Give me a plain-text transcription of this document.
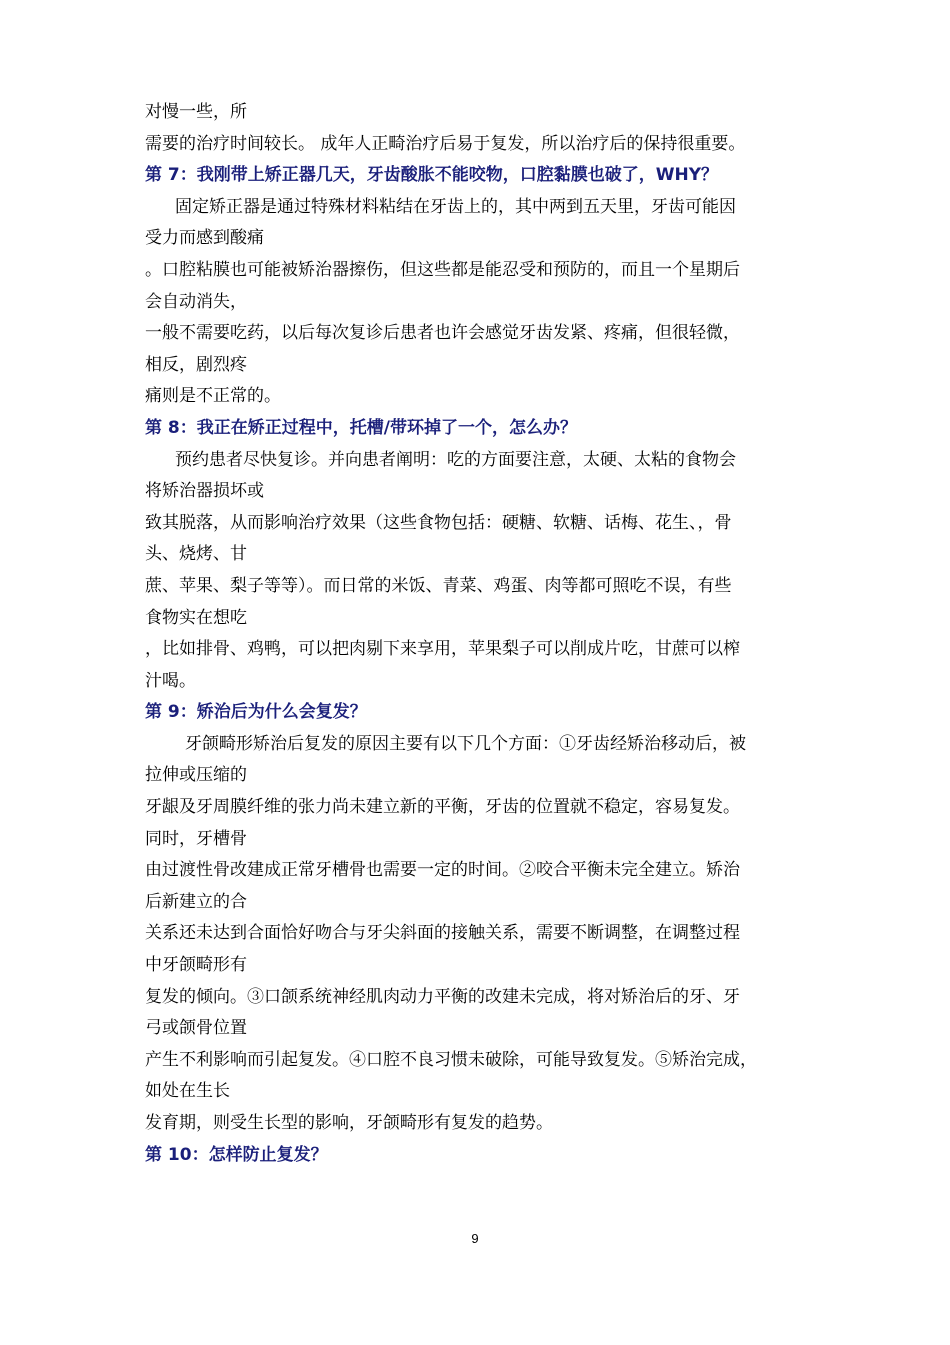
对慢一些，所
需要的治疗时间较长。 成年人正畸治疗后易于复发，所以治疗后的保持很重要。
第 7：我刚带上矫正器几天，牙齿酸胀不能咬物，口腔黏膜也破了，WHY？
固定矫正器是通过特殊材料粘结在牙齿上的，其中两到五天里，牙齿可能因
受力而感到酸痛
。口腔粘膜也可能被矫治器擦伤，但这些都是能忍受和预防的，而且一个星期后
会自动消失，
一般不需要吃药，以后每次复诊后患者也许会感觉牙齿发紧、疼痛，但很轻微，
相反，剧烈疼
痛则是不正常的。
第 8：我正在矫正过程中，托槽/带环掉了一个，怎么办？
预约患者尽快复诊。并向患者阐明：吃的方面要注意，太硬、太粘的食物会
将矫治器损坏或
致其脱落，从而影响治疗效果（这些食物包括：硬糖、软糖、话梅、花生、，骨
头、烧烤、甘
蔗、苹果、梨子等等）。而日常的米饭、青菜、鸡蛋、肉等都可照吃不误，有些
食物实在想吃
，比如排骨、鸡鸭，可以把肉剔下来享用，苹果梨子可以削成片吃，甘蔗可以榨
汁喝。
第 9：矫治后为什么会复发？
牙颌畸形矫治后复发的原因主要有以下几个方面：①牙齿经矫治移动后，被
拉伸或压缩的
牙龈及牙周膜纤维的张力尚未建立新的平衡，牙齿的位置就不稳定，容易复发。
同时，牙槽骨
由过渡性骨改建成正常牙槽骨也需要一定的时间。②咬合平衡未完全建立。矫治
后新建立的合
关系还未达到合面恰好吻合与牙尖斜面的接触关系，需要不断调整，在调整过程
中牙颌畸形有
复发的倾向。③口颌系统神经肌肉动力平衡的改建未完成，将对矫治后的牙、牙
弓或颌骨位置
产生不利影响而引起复发。④口腔不良习惯未破除，可能导致复发。⑤矫治完成，
如处在生长
发育期，则受生长型的影响，牙颌畸形有复发的趋势。
第 10：怎样防止复发？
9
